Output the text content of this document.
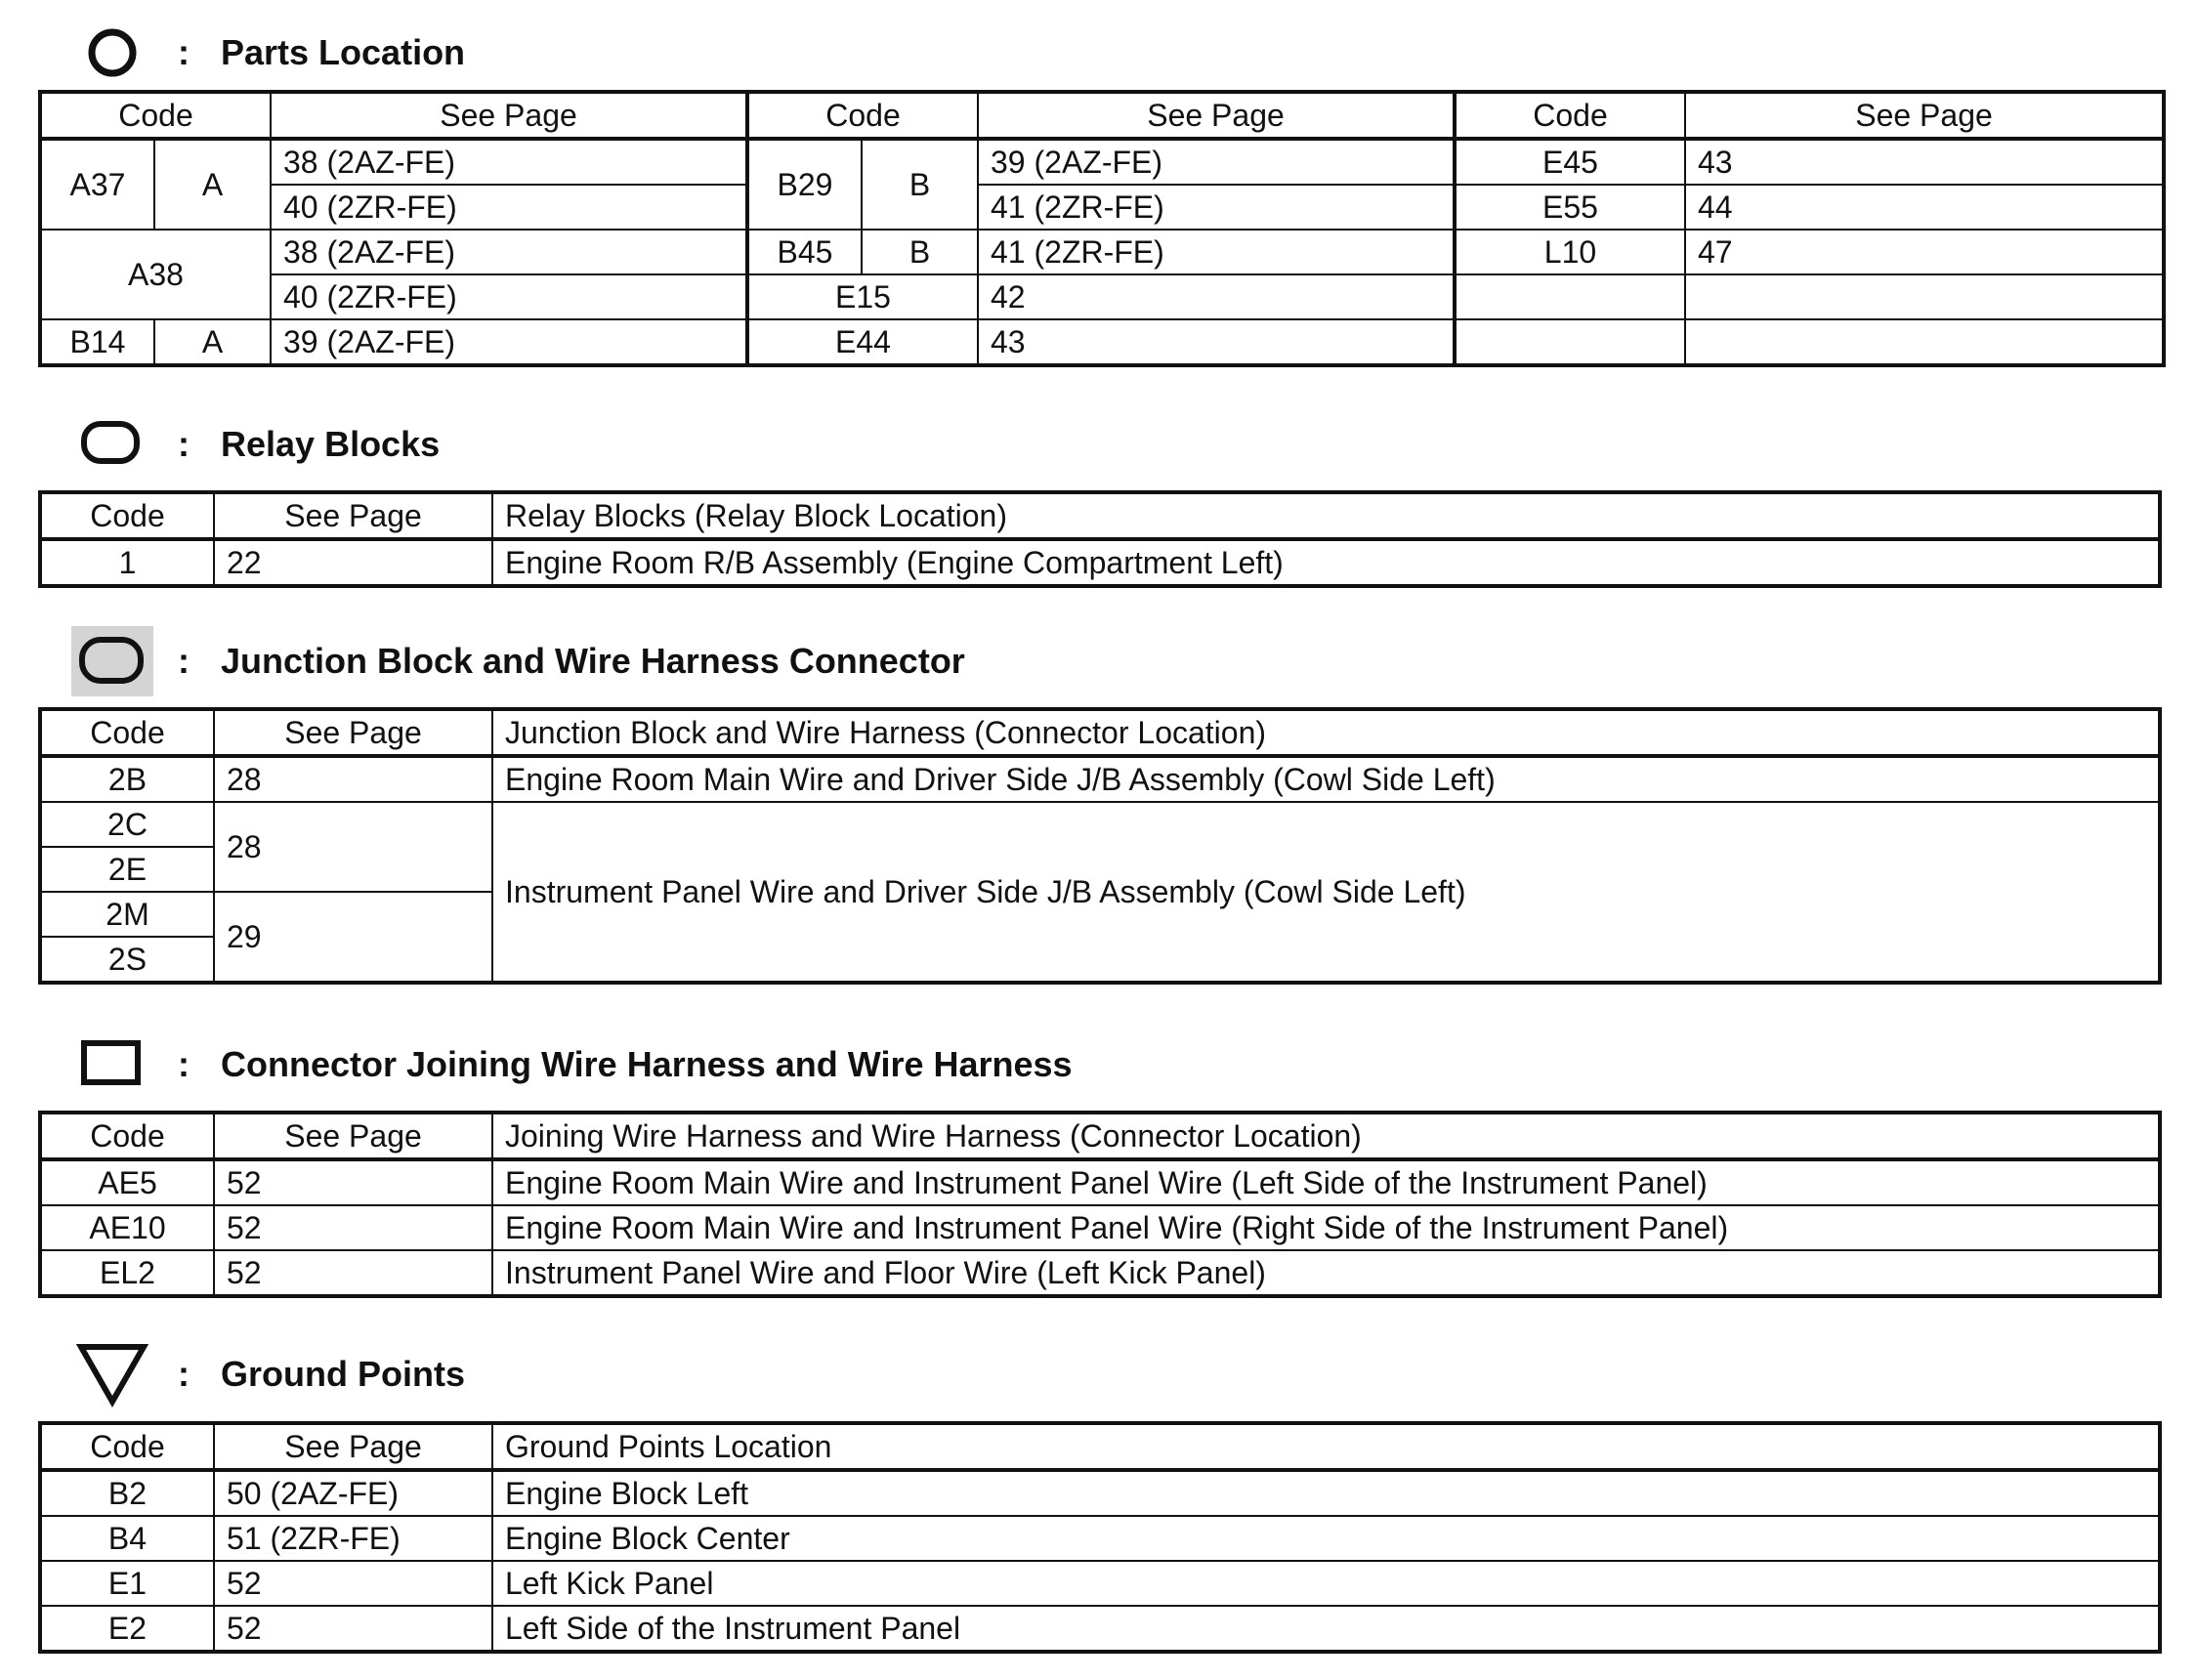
: Parts Location
Code		See Page	Code		See Page	Code	See Page
A37	A	38 (2AZ-FE)	B29	B	39 (2AZ-FE)	E45	43
		40 (2ZR-FE)			41 (2ZR-FE)	E55	44
A38		38 (2AZ-FE)	B45	B	41 (2ZR-FE)	L10	47
		40 (2ZR-FE)	E15		42		
B14	A	39 (2AZ-FE)	E44		43		
: Relay Blocks
Code	See Page	Relay Blocks (Relay Block Location)
1	22	Engine Room R/B Assembly (Engine Compartment Left)
: Junction Block and Wire Harness Connector
Code	See Page	Junction Block and Wire Harness (Connector Location)
2B	28	Engine Room Main Wire and Driver Side J/B Assembly (Cowl Side Left)
2C	28	Instrument Panel Wire and Driver Side J/B Assembly (Cowl Side Left)
2E		
2M	29	
2S		
: Connector Joining Wire Harness and Wire Harness
Code	See Page	Joining Wire Harness and Wire Harness (Connector Location)
AE5	52	Engine Room Main Wire and Instrument Panel Wire (Left Side of the Instrument Panel)
AE10	52	Engine Room Main Wire and Instrument Panel Wire (Right Side of the Instrument Panel)
EL2	52	Instrument Panel Wire and Floor Wire (Left Kick Panel)
: Ground Points
Code	See Page	Ground Points Location
B2	50 (2AZ-FE)	Engine Block Left
B4	51 (2ZR-FE)	Engine Block Center
E1	52	Left Kick Panel
E2	52	Left Side of the Instrument Panel
